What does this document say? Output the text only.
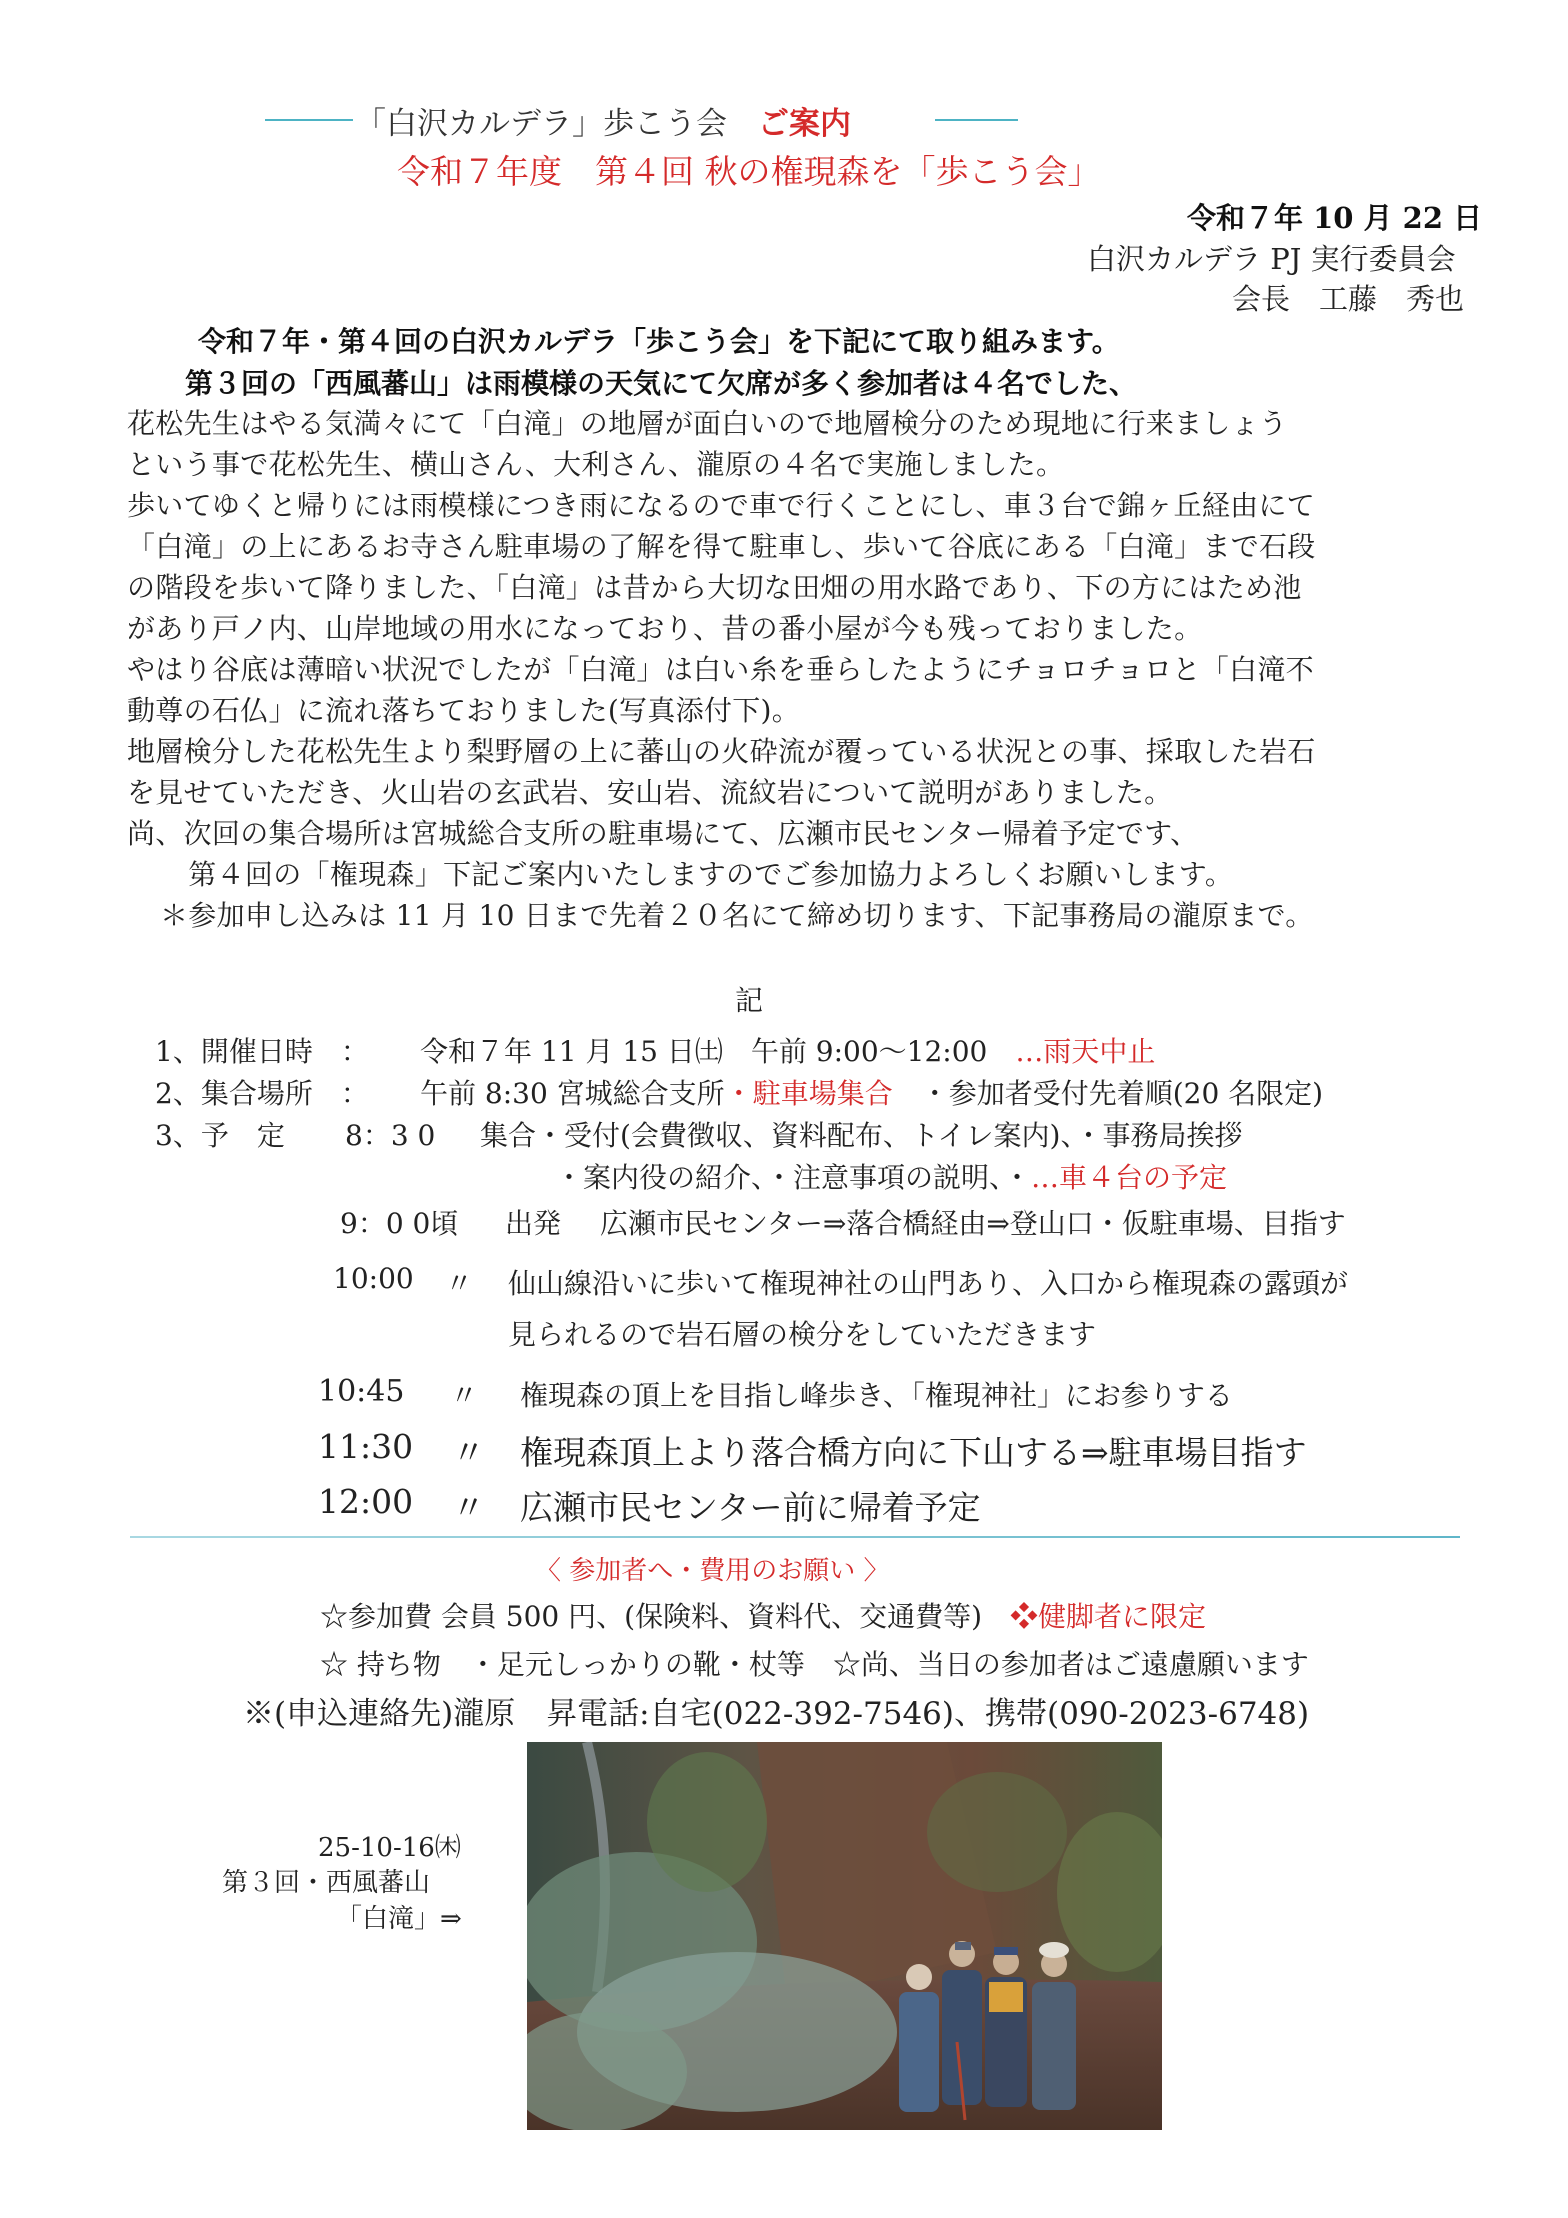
「白沢カルデラ」歩こう会　 ご案内
令和７年度　第４回 秋の権現森を「歩こう会」
令和７年 10 月 22 日
白沢カルデラ PJ 実行委員会
会長　工藤　秀也
令和７年・第４回の白沢カルデラ「歩こう会」を下記にて取り組みます。
第３回の「西風蕃山」は雨模様の天気にて欠席が多く参加者は４名でした、
花松先生はやる気満々にて「白滝」の地層が面白いので地層検分のため現地に行来ましょう
という事で花松先生、横山さん、大利さん、瀧原の４名で実施しました。
歩いてゆくと帰りには雨模様につき雨になるので車で行くことにし、車３台で錦ヶ丘経由にて
「白滝」の上にあるお寺さん駐車場の了解を得て駐車し、歩いて谷底にある「白滝」まで石段
の階段を歩いて降りました、「白滝」は昔から大切な田畑の用水路であり、下の方にはため池
があり戸ノ内、山岸地域の用水になっており、昔の番小屋が今も残っておりました。
やはり谷底は薄暗い状況でしたが「白滝」は白い糸を垂らしたようにチョロチョロと「白滝不
動尊の石仏」に流れ落ちておりました(写真添付下)。
地層検分した花松先生より梨野層の上に蕃山の火砕流が覆っている状況との事、採取した岩石
を見せていただき、火山岩の玄武岩、安山岩、流紋岩について説明がありました。
尚、次回の集合場所は宮城総合支所の駐車場にて、広瀬市民センター帰着予定です、
　第４回の「権現森」下記ご案内いたしますのでご参加協力よろしくお願いします。
＊参加申し込みは 11 月 10 日まで先着２０名にて締め切ります、下記事務局の瀧原まで。
記
1、開催日時　： 令和７年 11 月 15 日㈯　午前 9:00～12:00　 …雨天中止
2、集合場所　： 午前 8:30 宮城総合支所・駐車場集合　 ・参加者受付先着順(20 名限定)
3、予　定 8：3 0 集合・受付(会費徴収、資料配布、トイレ案内)、・事務局挨拶
・案内役の紹介、・注意事項の説明、・…車４台の予定
9：0 0頃 出発 広瀬市民センター⇒落合橋経由⇒登山口・仮駐車場、目指す
10:00 〃 仙山線沿いに歩いて権現神社の山門あり、入口から権現森の露頭が
見られるので岩石層の検分をしていただきます
10:45 〃 権現森の頂上を目指し峰歩き、「権現神社」にお参りする
11:30 〃 権現森頂上より落合橋方向に下山する⇒駐車場目指す
12:00 〃 広瀬市民センター前に帰着予定
〈 参加者へ・費用のお願い 〉
☆参加費 会員 500 円、(保険料、資料代、交通費等)　 ❖健脚者に限定
☆ 持ち物　・足元しっかりの靴・杖等　☆尚、当日の参加者はご遠慮願います
※(申込連絡先)瀧原　昇電話:自宅(022-392-7546)、携帯(090-2023-6748)
25-10-16㈭
第３回・西風蕃山
「白滝」⇒
